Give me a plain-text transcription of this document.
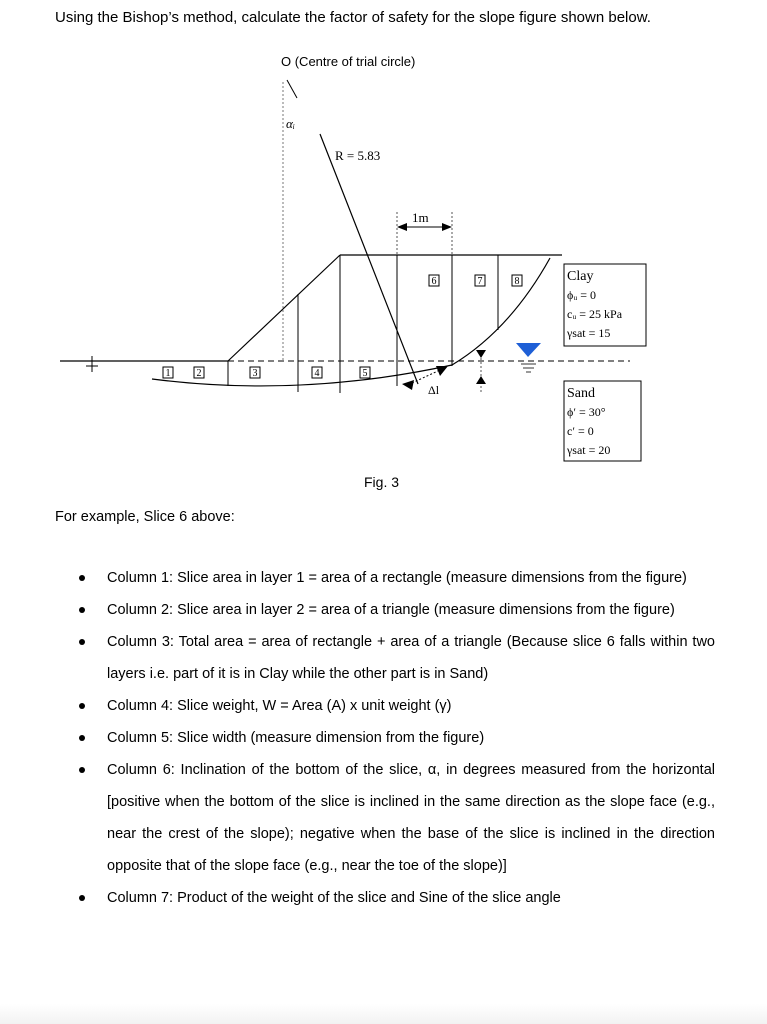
Using the Bishop’s method, calculate the factor of safety for the slope figure shown below.
O (Centre of trial circle)
αᵢ
R = 5.83
1m
1	2	3	4	5
6	7	8
Δl
Clay
ϕᵤ = 0
cᵤ = 25 kPa
γsat = 15
Sand
ϕ′ = 30°
c′ = 0
γsat = 20
Fig. 3
For example, Slice 6 above:
Column 1: Slice area in layer 1 = area of a rectangle (measure dimensions from the figure)
Column 2: Slice area in layer 2 = area of a triangle (measure dimensions from the figure)
Column 3: Total area = area of rectangle + area of a triangle (Because slice 6 falls within two layers i.e. part of it is in Clay while the other part is in Sand)
Column 4: Slice weight, W = Area (A) x unit weight (γ)
Column 5: Slice width (measure dimension from the figure)
Column 6: Inclination of the bottom of the slice, α, in degrees measured from the horizontal [positive when the bottom of the slice is inclined in the same direction as the slope face (e.g., near the crest of the slope); negative when the base of the slice is inclined in the direction opposite that of the slope face (e.g., near the toe of the slope)]
Column 7: Product of the weight of the slice and Sine of the slice angle
